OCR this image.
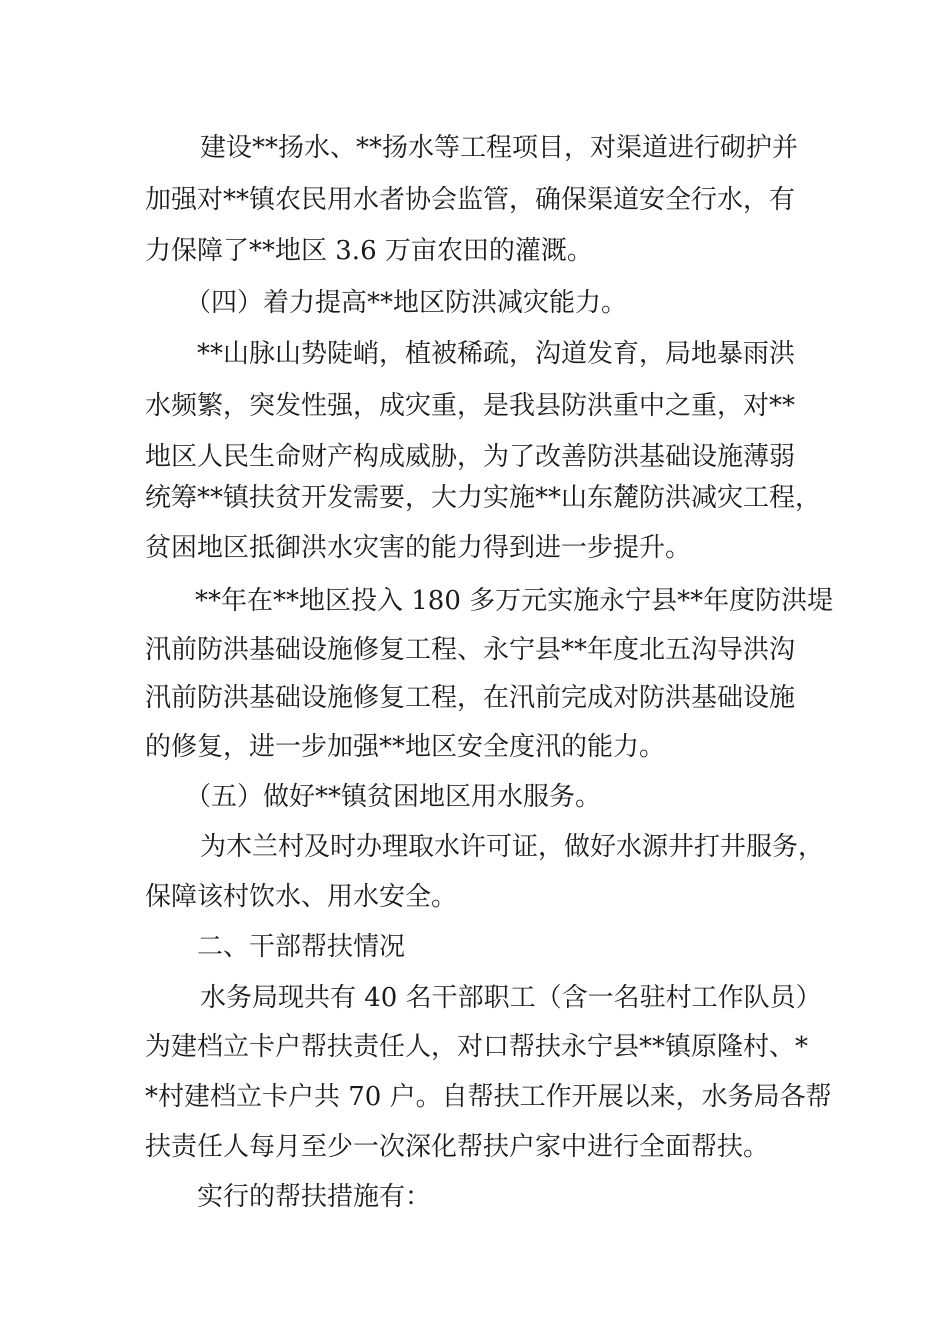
建设**扬水、**扬水等工程项目，对渠道进行砌护并
加强对**镇农民用水者协会监管，确保渠道安全行水，有
力保障了**地区 3.6 万亩农田的灌溉。
（四）着力提高**地区防洪减灾能力。
**山脉山势陡峭，植被稀疏，沟道发育，局地暴雨洪
水频繁，突发性强，成灾重，是我县防洪重中之重，对**
地区人民生命财产构成威胁，为了改善防洪基础设施薄弱
统筹**镇扶贫开发需要，大力实施**山东麓防洪减灾工程，
贫困地区抵御洪水灾害的能力得到进一步提升。
**年在**地区投入 180 多万元实施永宁县**年度防洪堤
汛前防洪基础设施修复工程、永宁县**年度北五沟导洪沟
汛前防洪基础设施修复工程，在汛前完成对防洪基础设施
的修复，进一步加强**地区安全度汛的能力。
（五）做好**镇贫困地区用水服务。
为木兰村及时办理取水许可证，做好水源井打井服务，
保障该村饮水、用水安全。
二、干部帮扶情况
水务局现共有 40 名干部职工（含一名驻村工作队员）
为建档立卡户帮扶责任人，对口帮扶永宁县**镇原隆村、*
*村建档立卡户共 70 户。自帮扶工作开展以来，水务局各帮
扶责任人每月至少一次深化帮扶户家中进行全面帮扶。
实行的帮扶措施有：
